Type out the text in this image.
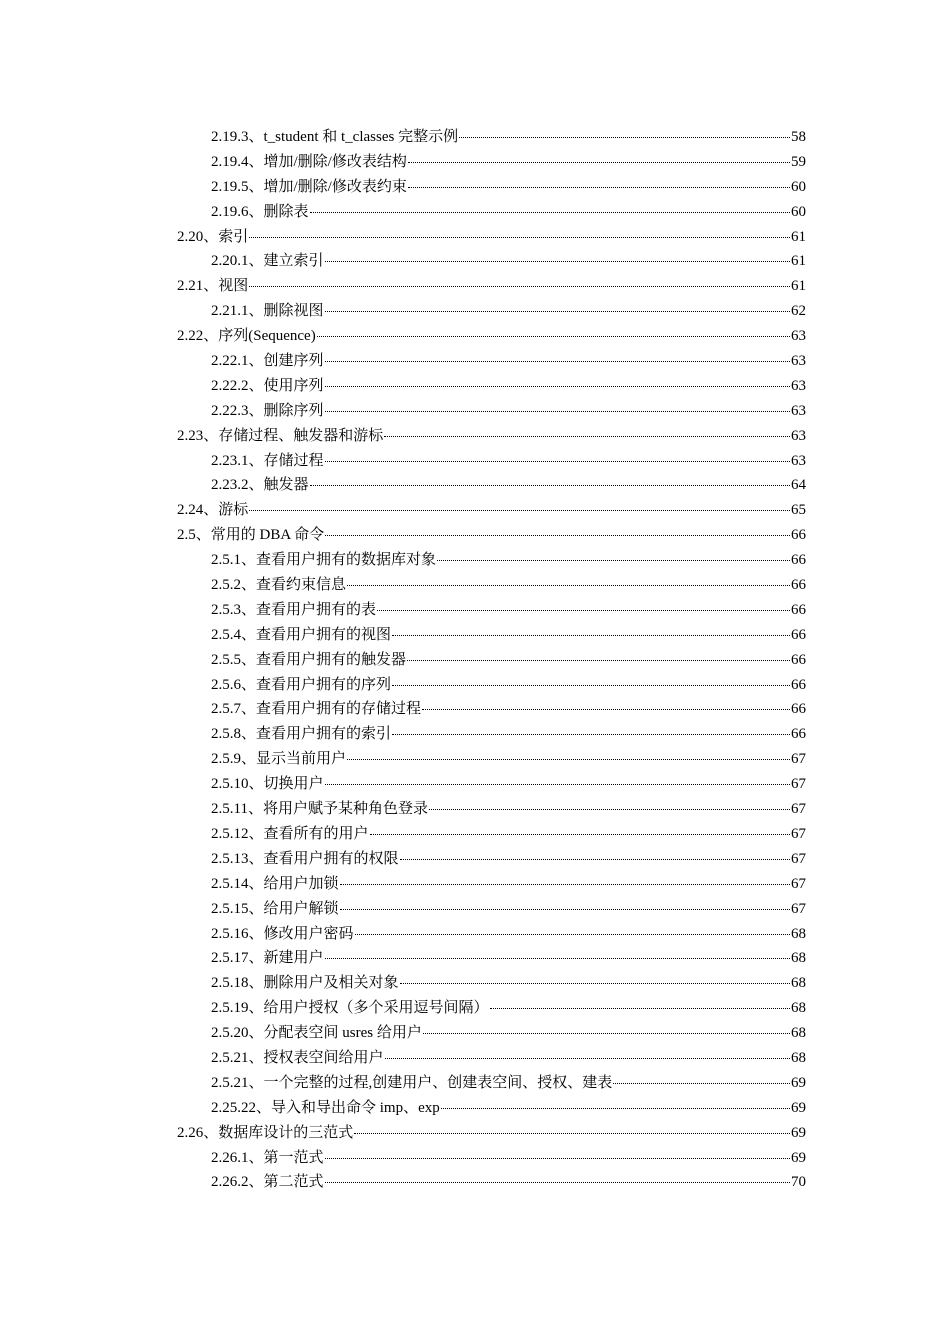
2.19.3、t_student 和 t_classes 完整示例	58
2.19.4、增加/删除/修改表结构	59
2.19.5、增加/删除/修改表约束	60
2.19.6、删除表	60
2.20、索引	61
2.20.1、建立索引	61
2.21、视图	61
2.21.1、删除视图	62
2.22、序列(Sequence)	63
2.22.1、创建序列	63
2.22.2、使用序列	63
2.22.3、删除序列	63
2.23、存储过程、触发器和游标	63
2.23.1、存储过程	63
2.23.2、触发器	64
2.24、游标	65
2.5、常用的 DBA 命令	66
2.5.1、查看用户拥有的数据库对象	66
2.5.2、查看约束信息	66
2.5.3、查看用户拥有的表	66
2.5.4、查看用户拥有的视图	66
2.5.5、查看用户拥有的触发器	66
2.5.6、查看用户拥有的序列	66
2.5.7、查看用户拥有的存储过程	66
2.5.8、查看用户拥有的索引	66
2.5.9、显示当前用户	67
2.5.10、切换用户	67
2.5.11、将用户赋予某种角色登录	67
2.5.12、查看所有的用户	67
2.5.13、查看用户拥有的权限	67
2.5.14、给用户加锁	67
2.5.15、给用户解锁	67
2.5.16、修改用户密码	68
2.5.17、新建用户	68
2.5.18、删除用户及相关对象	68
2.5.19、给用户授权（多个采用逗号间隔）	68
2.5.20、分配表空间 usres 给用户	68
2.5.21、授权表空间给用户	68
2.5.21、一个完整的过程,创建用户、创建表空间、授权、建表	69
2.25.22、导入和导出命令 imp、exp	69
2.26、数据库设计的三范式	69
2.26.1、第一范式	69
2.26.2、第二范式	70
